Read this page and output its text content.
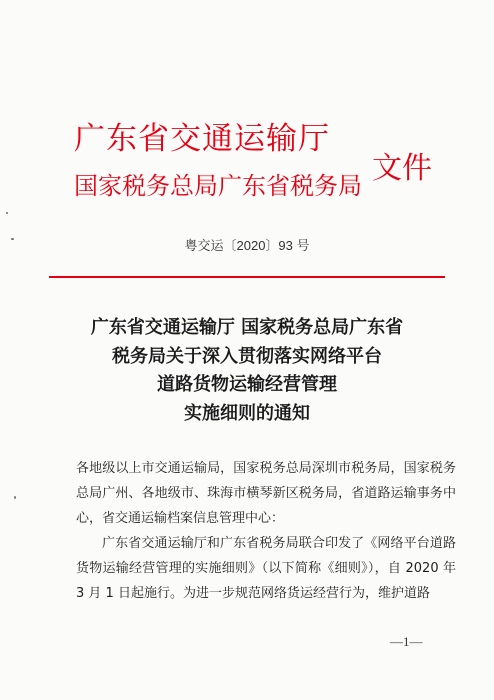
广东省交通运输厅
国家税务总局广东省税务局 文件
粤交运〔2020〕93 号
广东省交通运输厅 国家税务总局广东省
税务局关于深入贯彻落实网络平台
道路货物运输经营管理
实施细则的通知

各地级以上市交通运输局，国家税务总局深圳市税务局，国家税务总局广州、各地级市、珠海市横琴新区税务局，省道路运输事务中心，省交通运输档案信息管理中心：

广东省交通运输厅和广东省税务局联合印发了《网络平台道路货物运输经营管理的实施细则》（以下简称《细则》），自 2020 年 3 月 1 日起施行。为进一步规范网络货运经营行为，维护道路

—1—
